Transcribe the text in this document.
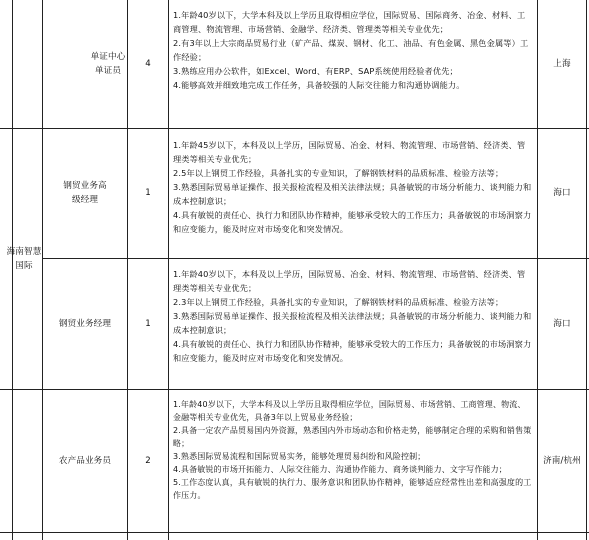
海南智慧国际
单证中心单证员
4
1.年龄40岁以下，大学本科及以上学历且取得相应学位，国际贸易、国际商务、冶金、材料、工商管理、物流管理、市场营销、金融学、经济类、管理类等相关专业优先；
2.有3年以上大宗商品贸易行业（矿产品、煤炭、钢材、化工、油品、有色金属、黑色金属等）工作经验；
3.熟练应用办公软件，如Excel、Word、有ERP、SAP系统使用经验者优先；
4.能够高效并细致地完成工作任务，具备较强的人际交往能力和沟通协调能力。
上海
钢贸业务高级经理
1
1.年龄45岁以下，本科及以上学历，国际贸易、冶金、材料、物流管理、市场营销、经济类、管理类等相关专业优先；
2.5年以上钢贸工作经验，具备扎实的专业知识，了解钢铁材料的品质标准、检验方法等；
3.熟悉国际贸易单证操作、报关报检流程及相关法律法规；具备敏锐的市场分析能力、谈判能力和成本控制意识；
4.具有敏锐的责任心、执行力和团队协作精神，能够承受较大的工作压力；具备敏锐的市场洞察力和应变能力，能及时应对市场变化和突发情况。
海口
钢贸业务经理	1
1.年龄40岁以下，本科及以上学历，国际贸易、冶金、材料、物流管理、市场营销、经济类、管理类等相关专业优先；
2.3年以上钢贸工作经验，具备扎实的专业知识，了解钢铁材料的品质标准、检验方法等；
3.熟悉国际贸易单证操作、报关报检流程及相关法律法规；具备敏锐的市场分析能力、谈判能力和成本控制意识；
4.具有敏锐的责任心、执行力和团队协作精神，能够承受较大的工作压力；具备敏锐的市场洞察力和应变能力，能及时应对市场变化和突发情况。
海口
农产品业务员	2
1.年龄40岁以下，大学本科及以上学历且取得相应学位，国际贸易、市场营销、工商管理、物流、金融等相关专业优先，具备3年以上贸易业务经验；
2.具备一定农产品贸易国内外资源，熟悉国内外市场动态和价格走势，能够制定合理的采购和销售策略；
3.熟悉国际贸易流程和国际贸易实务，能够处理贸易纠纷和风险控制；
4.具备敏锐的市场开拓能力、人际交往能力、沟通协作能力、商务谈判能力、文字写作能力；
5.工作态度认真，具有敏锐的执行力、服务意识和团队协作精神，能够适应经常性出差和高强度的工作压力。
济南/杭州
